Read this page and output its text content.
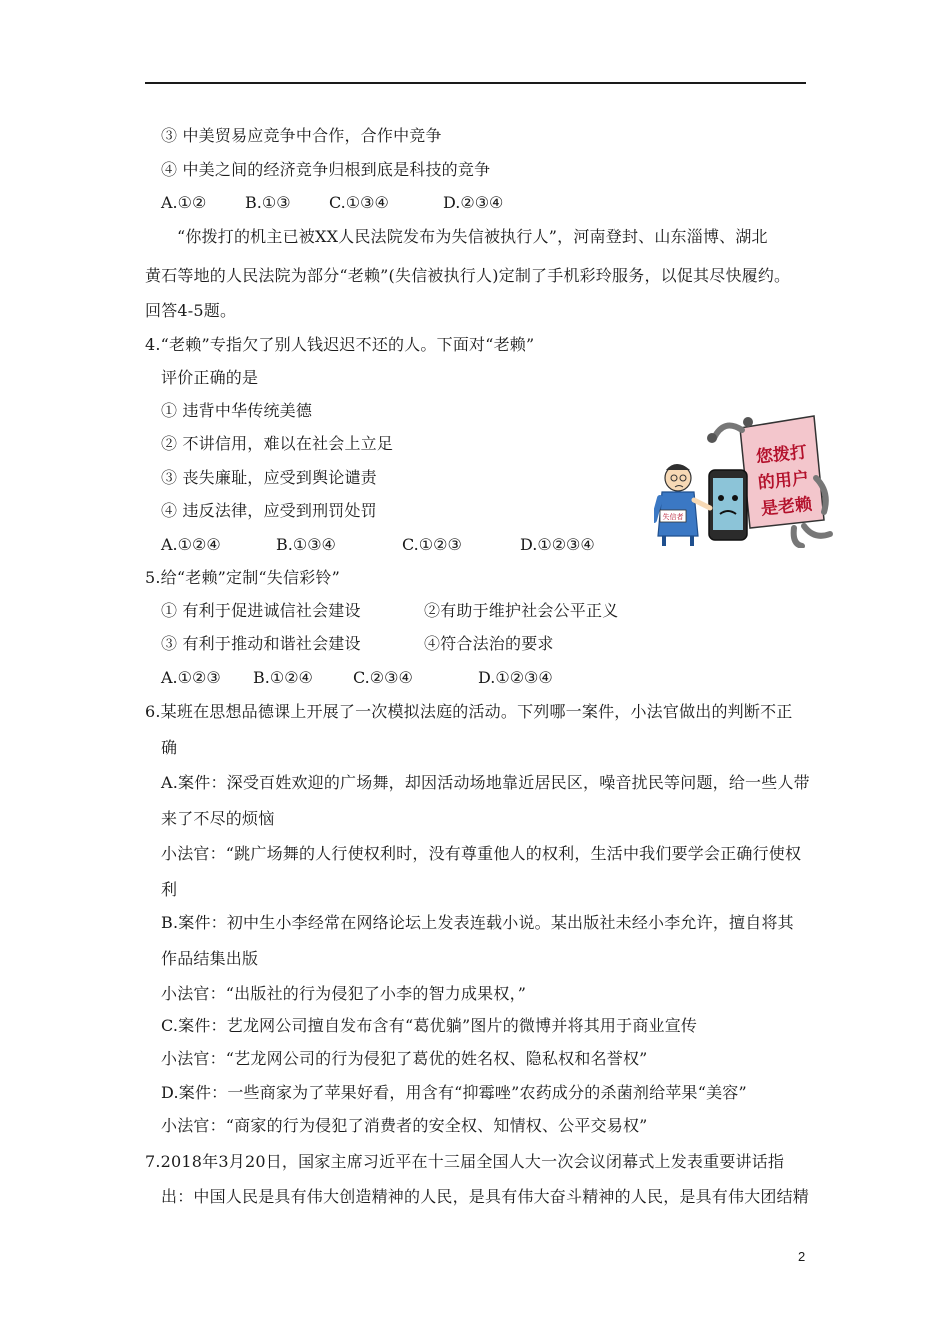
③ 中美贸易应竞争中合作，合作中竞争
④ 中美之间的经济竞争归根到底是科技的竞争

A.①②

B.①③

C.①③④

	D.②③④

“你拨打的机主已被XX人民法院发布为失信被执行人”，河南登封、山东淄博、湖北
黄石等地的人民法院为部分“老赖”(失信被执行人)定制了手机彩玲服务，以促其尽快履约。
回答4-5题。
4.“老赖”专指欠了别人钱迟迟不还的人。下面对“老赖”
评价正确的是
① 违背中华传统美德
② 不讲信用，难以在社会上立足
③ 丧失廉耻，应受到舆论谴责
④ 违反法律，应受到刑罚处罚

A.①②④

	B.①③④

	C.①②③

	D.①②③④

您拨打
的用户
是老赖
失信者
5.给“老赖”定制“失信彩铃”
① 有利于促进诚信社会建设	②有助于维护社会公平正义
③ 有利于推动和谐社会建设	④符合法治的要求

A.①②③

B.①②④

	C.②③④

	D.①②③④

6.某班在思想品德课上开展了一次模拟法庭的活动。下列哪一案件，小法官做出的判断不正
确
A.案件：深受百姓欢迎的广场舞，却因活动场地靠近居民区，噪音扰民等问题，给一些人带
来了不尽的烦恼
小法官：“跳广场舞的人行使权利时，没有尊重他人的权利，生活中我们要学会正确行使权
利
B.案件：初中生小李经常在网络论坛上发表连载小说。某出版社未经小李允许，擅自将其
作品结集出版
小法官：“出版社的行为侵犯了小李的智力成果权，”
C.案件：艺龙网公司擅自发布含有“葛优躺”图片的微博并将其用于商业宣传
小法官：“艺龙网公司的行为侵犯了葛优的姓名权、隐私权和名誉权”
D.案件：一些商家为了苹果好看，用含有“抑霉唑”农药成分的杀菌剂给苹果“美容”
小法官：“商家的行为侵犯了消费者的安全权、知情权、公平交易权”
7.2018年3月20日，国家主席习近平在十三届全国人大一次会议闭幕式上发表重要讲话指
出：中国人民是具有伟大创造精神的人民，是具有伟大奋斗精神的人民，是具有伟大团结精
2
